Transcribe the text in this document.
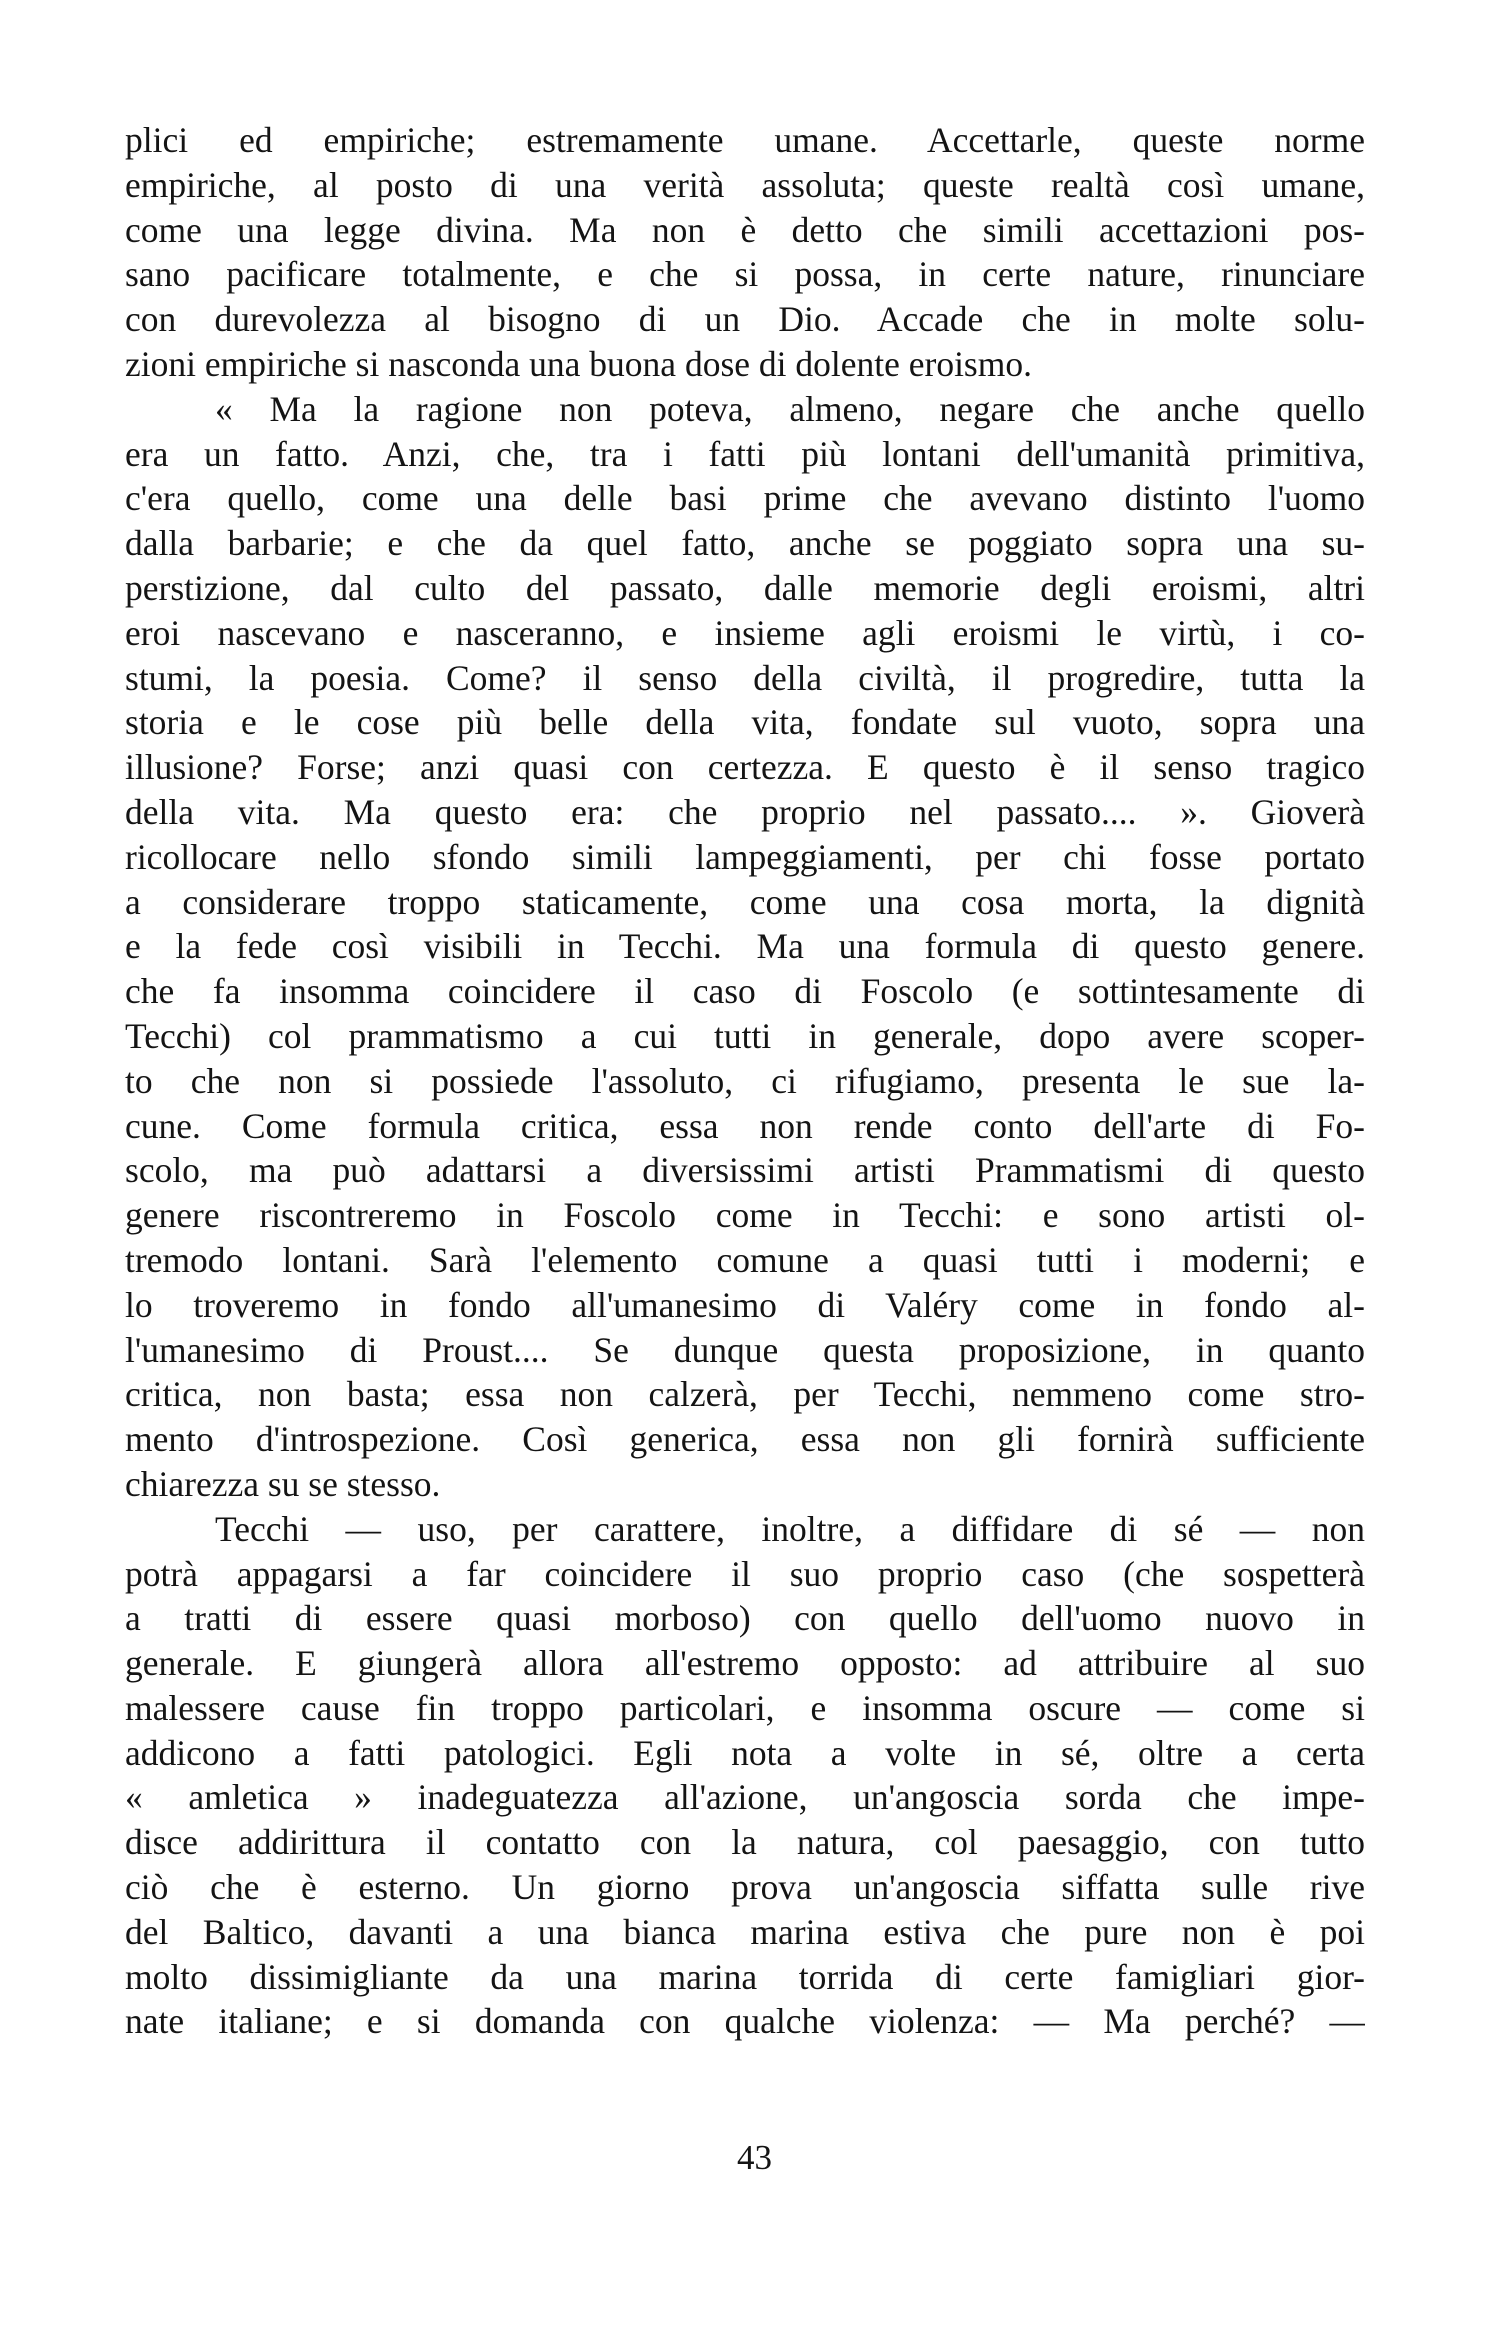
plici ed empiriche; estremamente umane. Accettarle, queste norme
empiriche, al posto di una verità assoluta; queste realtà così umane,
come una legge divina. Ma non è detto che simili accettazioni pos-
sano pacificare totalmente, e che si possa, in certe nature, rinunciare
con durevolezza al bisogno di un Dio. Accade che in molte solu-
zioni empiriche si nasconda una buona dose di dolente eroismo.
« Ma la ragione non poteva, almeno, negare che anche quello
era un fatto. Anzi, che, tra i fatti più lontani dell'umanità primitiva,
c'era quello, come una delle basi prime che avevano distinto l'uomo
dalla barbarie; e che da quel fatto, anche se poggiato sopra una su-
perstizione, dal culto del passato, dalle memorie degli eroismi, altri
eroi nascevano e nasceranno, e insieme agli eroismi le virtù, i co-
stumi, la poesia. Come? il senso della civiltà, il progredire, tutta la
storia e le cose più belle della vita, fondate sul vuoto, sopra una
illusione? Forse; anzi quasi con certezza. E questo è il senso tragico
della vita. Ma questo era: che proprio nel passato.... ». Gioverà
ricollocare nello sfondo simili lampeggiamenti, per chi fosse portato
a considerare troppo staticamente, come una cosa morta, la dignità
e la fede così visibili in Tecchi. Ma una formula di questo genere.
che fa insomma coincidere il caso di Foscolo (e sottintesamente di
Tecchi) col prammatismo a cui tutti in generale, dopo avere scoper-
to che non si possiede l'assoluto, ci rifugiamo, presenta le sue la-
cune. Come formula critica, essa non rende conto dell'arte di Fo-
scolo, ma può adattarsi a diversissimi artisti Prammatismi di questo
genere riscontreremo in Foscolo come in Tecchi: e sono artisti ol-
tremodo lontani. Sarà l'elemento comune a quasi tutti i moderni; e
lo troveremo in fondo all'umanesimo di Valéry come in fondo al-
l'umanesimo di Proust.... Se dunque questa proposizione, in quanto
critica, non basta; essa non calzerà, per Tecchi, nemmeno come stro-
mento d'introspezione. Così generica, essa non gli fornirà sufficiente
chiarezza su se stesso.
Tecchi — uso, per carattere, inoltre, a diffidare di sé — non
potrà appagarsi a far coincidere il suo proprio caso (che sospetterà
a tratti di essere quasi morboso) con quello dell'uomo nuovo in
generale. E giungerà allora all'estremo opposto: ad attribuire al suo
malessere cause fin troppo particolari, e insomma oscure — come si
addicono a fatti patologici. Egli nota a volte in sé, oltre a certa
« amletica » inadeguatezza all'azione, un'angoscia sorda che impe-
disce addirittura il contatto con la natura, col paesaggio, con tutto
ciò che è esterno. Un giorno prova un'angoscia siffatta sulle rive
del Baltico, davanti a una bianca marina estiva che pure non è poi
molto dissimigliante da una marina torrida di certe famigliari gior-
nate italiane; e si domanda con qualche violenza: — Ma perché? —
43
